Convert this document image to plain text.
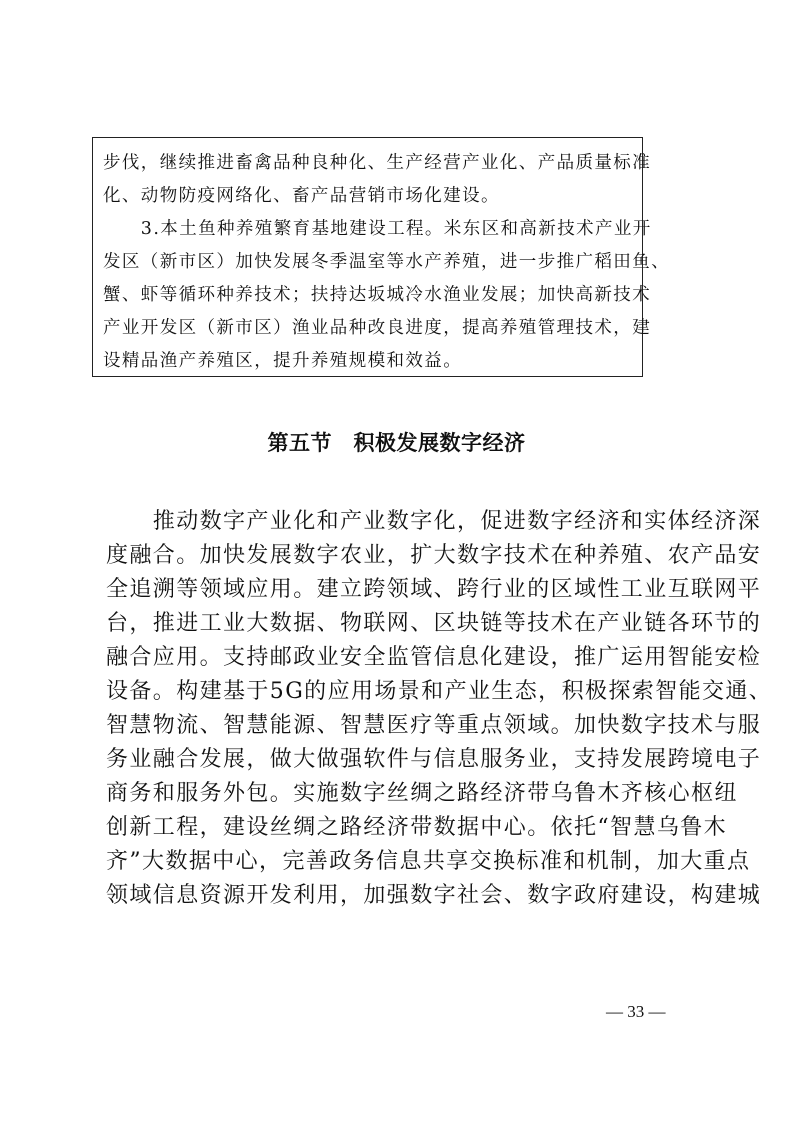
步伐，继续推进畜禽品种良种化、生产经营产业化、产品质量标准
化、动物防疫网络化、畜产品营销市场化建设。
　　3.本土鱼种养殖繁育基地建设工程。米东区和高新技术产业开
发区（新市区）加快发展冬季温室等水产养殖，进一步推广稻田鱼、
蟹、虾等循环种养技术；扶持达坂城冷水渔业发展；加快高新技术
产业开发区（新市区）渔业品种改良进度，提高养殖管理技术，建
设精品渔产养殖区，提升养殖规模和效益。
第五节　积极发展数字经济
　　推动数字产业化和产业数字化，促进数字经济和实体经济深
度融合。加快发展数字农业，扩大数字技术在种养殖、农产品安
全追溯等领域应用。建立跨领域、跨行业的区域性工业互联网平
台，推进工业大数据、物联网、区块链等技术在产业链各环节的
融合应用。支持邮政业安全监管信息化建设，推广运用智能安检
设备。构建基于5G的应用场景和产业生态，积极探索智能交通、
智慧物流、智慧能源、智慧医疗等重点领域。加快数字技术与服
务业融合发展，做大做强软件与信息服务业，支持发展跨境电子
商务和服务外包。实施数字丝绸之路经济带乌鲁木齐核心枢纽
创新工程，建设丝绸之路经济带数据中心。依托“智慧乌鲁木
齐”大数据中心，完善政务信息共享交换标准和机制，加大重点
领域信息资源开发利用，加强数字社会、数字政府建设，构建城
— 33 —
